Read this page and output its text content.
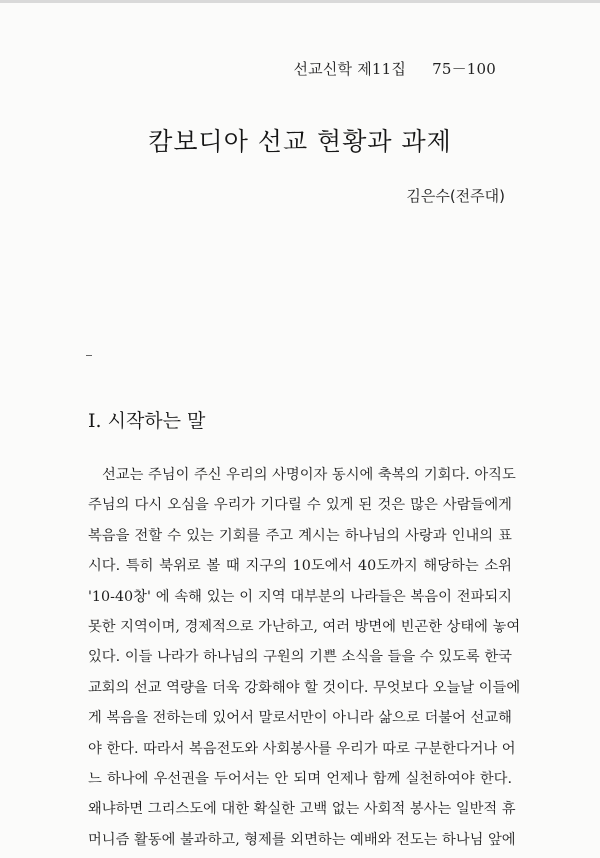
선교신학 제11집 75－100
캄보디아 선교 현황과 과제
김은수(전주대)
I. 시작하는 말
선교는 주님이 주신 우리의 사명이자 동시에 축복의 기회다. 아직도
주님의 다시 오심을 우리가 기다릴 수 있게 된 것은 많은 사람들에게
복음을 전할 수 있는 기회를 주고 계시는 하나님의 사랑과 인내의 표
시다. 특히 북위로 볼 때 지구의 10도에서 40도까지 해당하는 소위
'10-40창' 에 속해 있는 이 지역 대부분의 나라들은 복음이 전파되지
못한 지역이며, 경제적으로 가난하고, 여러 방면에 빈곤한 상태에 놓여
있다. 이들 나라가 하나님의 구원의 기쁜 소식을 들을 수 있도록 한국
교회의 선교 역량을 더욱 강화해야 할 것이다. 무엇보다 오늘날 이들에
게 복음을 전하는데 있어서 말로서만이 아니라 삶으로 더불어 선교해
야 한다. 따라서 복음전도와 사회봉사를 우리가 따로 구분한다거나 어
느 하나에 우선권을 두어서는 안 되며 언제나 함께 실천하여야 한다.
왜냐하면 그리스도에 대한 확실한 고백 없는 사회적 봉사는 일반적 휴
머니즘 활동에 불과하고, 형제를 외면하는 예배와 전도는 하나님 앞에
